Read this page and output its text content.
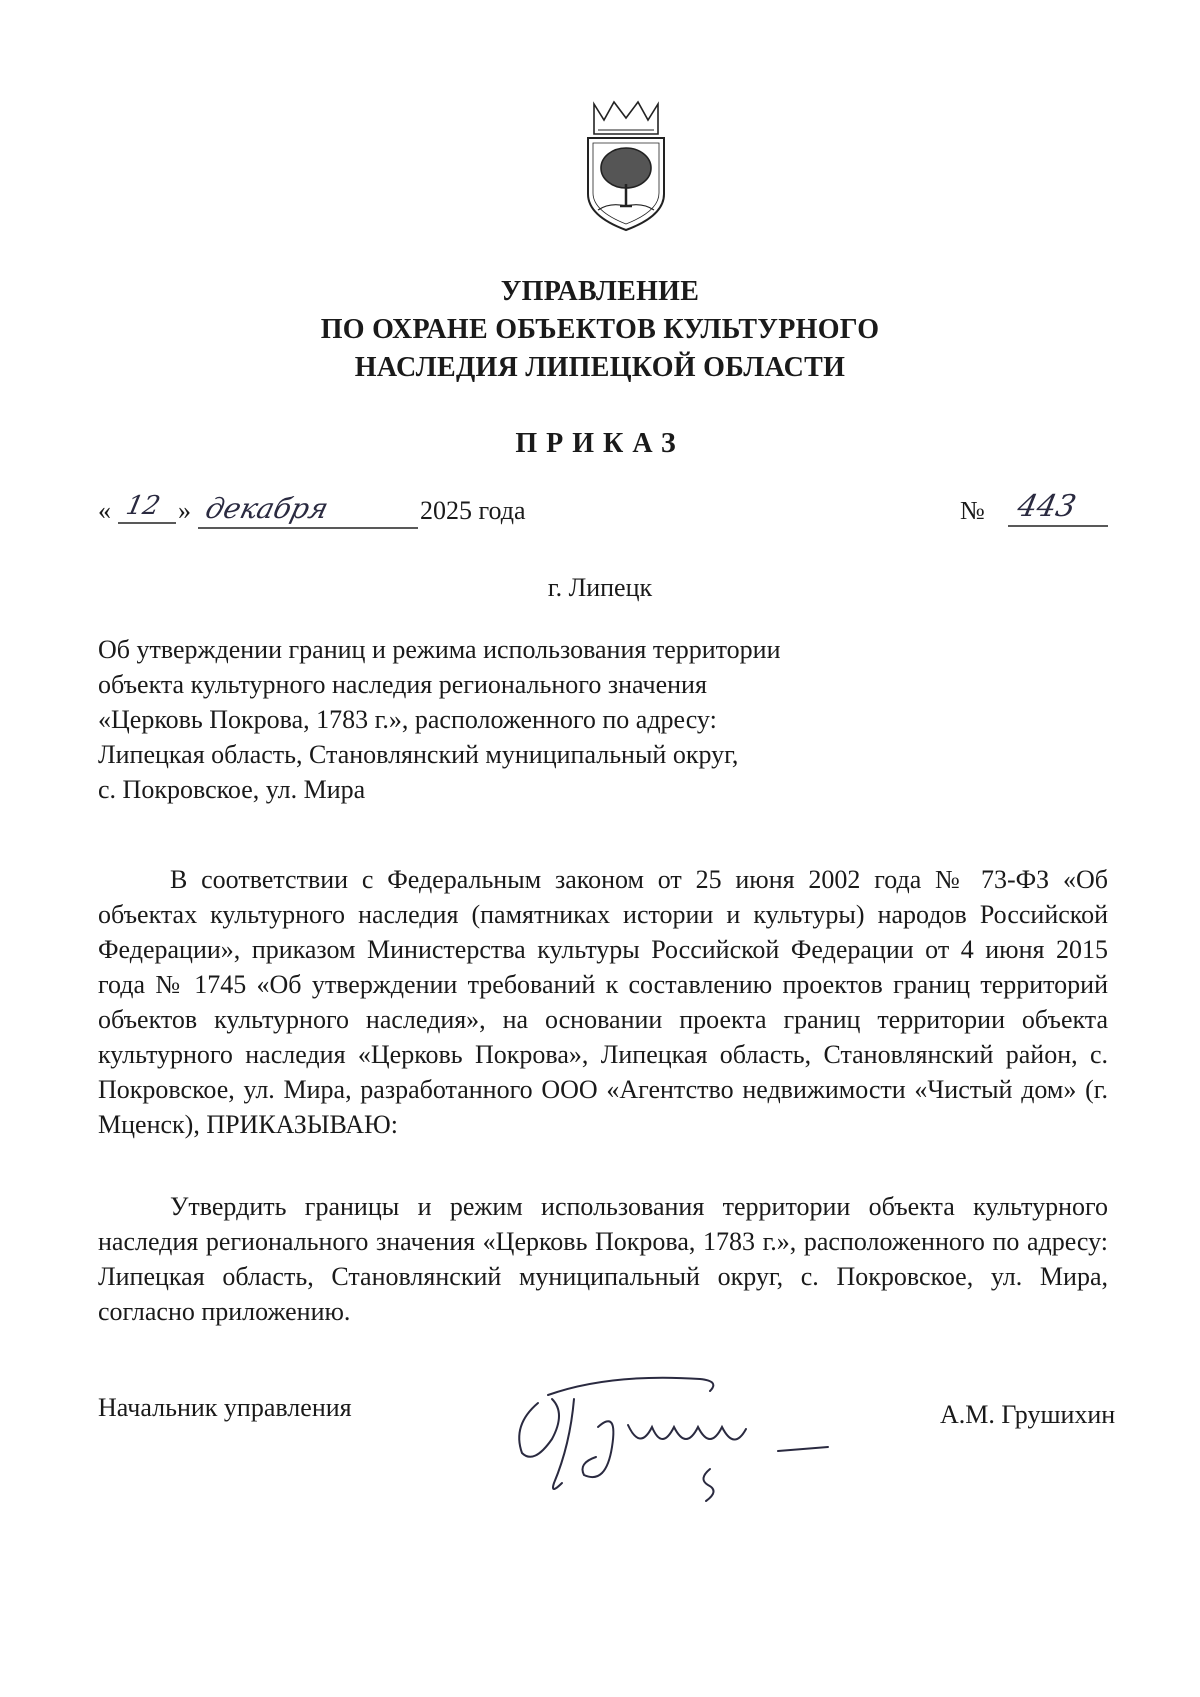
УПРАВЛЕНИЕ
ПО ОХРАНЕ ОБЪЕКТОВ КУЛЬТУРНОГО
НАСЛЕДИЯ ЛИПЕЦКОЙ ОБЛАСТИ
ПРИКАЗ
« 12 » декабря	2025 года	№ 443
г. Липецк
Об утверждении границ и режима использования территории
объекта культурного наследия регионального значения
«Церковь Покрова, 1783 г.», расположенного по адресу:
Липецкая область, Становлянский муниципальный округ,
с. Покровское, ул. Мира
В соответствии с Федеральным законом от 25 июня 2002 года № 73-ФЗ «Об объектах культурного наследия (памятниках истории и культуры) народов Российской Федерации», приказом Министерства культуры Российской Федерации от 4 июня 2015 года № 1745 «Об утверждении требований к составлению проектов границ территорий объектов культурного наследия», на основании проекта границ территории объекта культурного наследия «Церковь Покрова», Липецкая область, Становлянский район, с. Покровское, ул. Мира, разработанного ООО «Агентство недвижимости «Чистый дом» (г. Мценск), ПРИКАЗЫВАЮ:
Утвердить границы и режим использования территории объекта культурного наследия регионального значения «Церковь Покрова, 1783 г.», расположенного по адресу: Липецкая область, Становлянский муниципальный округ, с. Покровское, ул. Мира, согласно приложению.
Начальник управления	А.М. Грушихин
